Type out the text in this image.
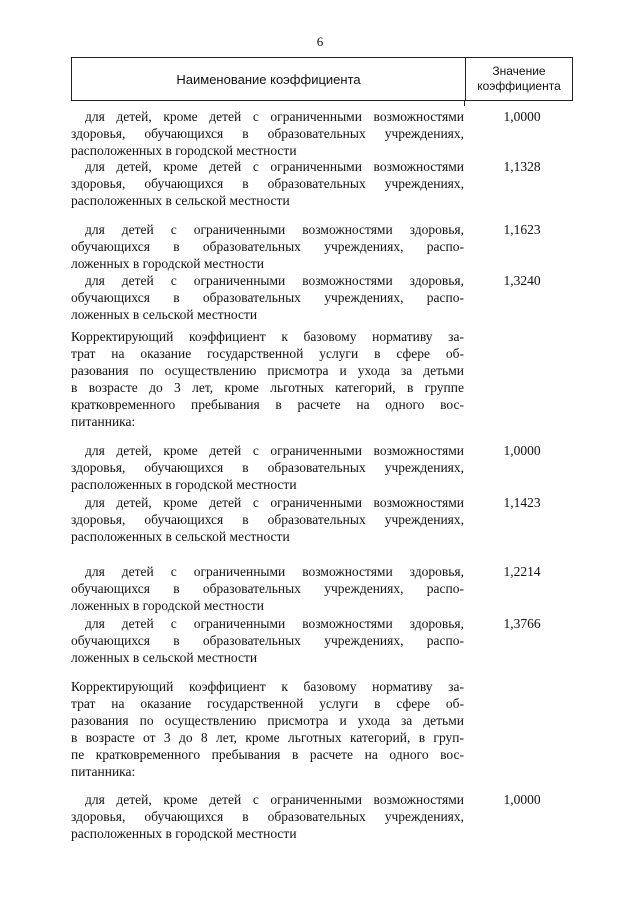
6
Наименование коэффициента
Значение
коэффициента
для детей, кроме детей с ограниченными возможностями
здоровья, обучающихся в образовательных учреждениях,
расположенных в городской местности
1,0000
для детей, кроме детей с ограниченными возможностями
здоровья, обучающихся в образовательных учреждениях,
расположенных в сельской местности
1,1328
для детей с ограниченными возможностями здоровья,
обучающихся в образовательных учреждениях, распо-
ложенных в городской местности
1,1623
для детей с ограниченными возможностями здоровья,
обучающихся в образовательных учреждениях, распо-
ложенных в сельской местности
1,3240
Корректирующий коэффициент к базовому нормативу за-
трат на оказание государственной услуги в сфере об-
разования по осуществлению присмотра и ухода за детьми
в возрасте до 3 лет, кроме льготных категорий, в группе
кратковременного пребывания в расчете на одного вос-
питанника:
для детей, кроме детей с ограниченными возможностями
здоровья, обучающихся в образовательных учреждениях,
расположенных в городской местности
1,0000
для детей, кроме детей с ограниченными возможностями
здоровья, обучающихся в образовательных учреждениях,
расположенных в сельской местности
1,1423
для детей с ограниченными возможностями здоровья,
обучающихся в образовательных учреждениях, распо-
ложенных в городской местности
1,2214
для детей с ограниченными возможностями здоровья,
обучающихся в образовательных учреждениях, распо-
ложенных в сельской местности
1,3766
Корректирующий коэффициент к базовому нормативу за-
трат на оказание государственной услуги в сфере об-
разования по осуществлению присмотра и ухода за детьми
в возрасте от 3 до 8 лет, кроме льготных категорий, в груп-
пе кратковременного пребывания в расчете на одного вос-
питанника:
для детей, кроме детей с ограниченными возможностями
здоровья, обучающихся в образовательных учреждениях,
расположенных в городской местности
1,0000
